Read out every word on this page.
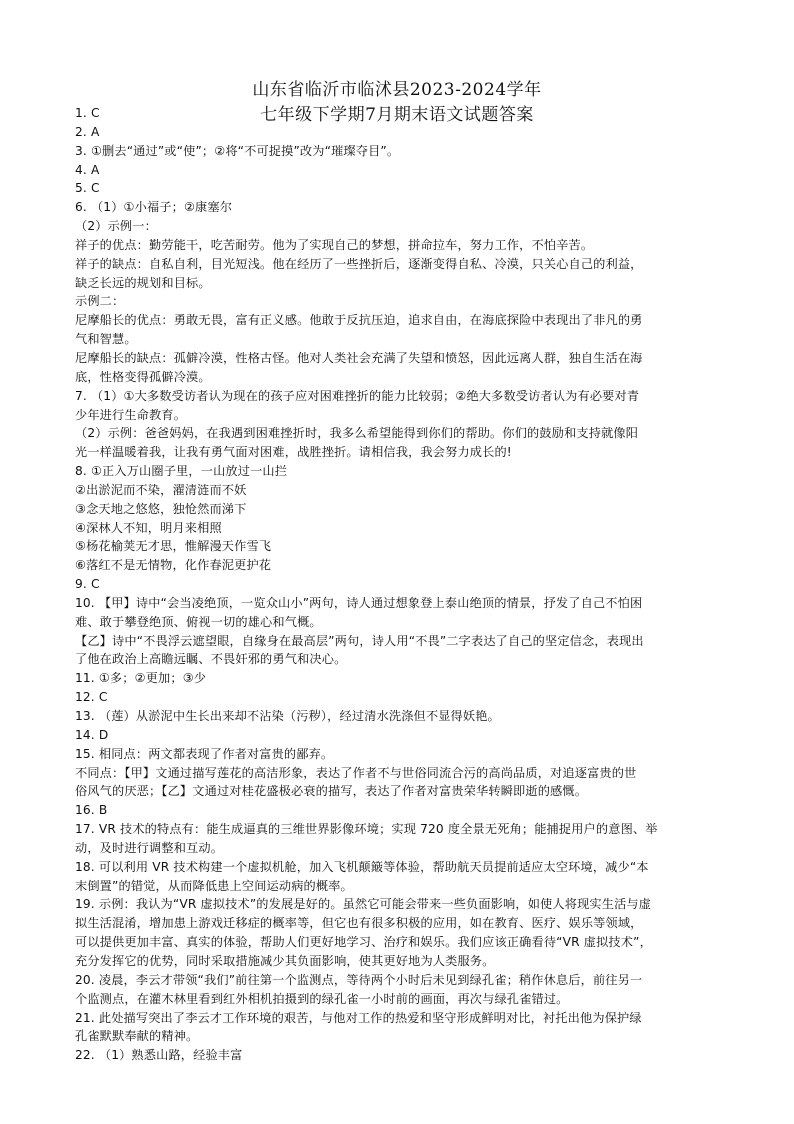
山东省临沂市临沭县2023-2024学年
七年级下学期7月期末语文试题答案
1. C
2. A
3. ①删去“通过”或“使”；②将“不可捉摸”改为“璀璨夺目”。
4. A
5. C
6. （1）①小福子；②康塞尔
（2）示例一：
祥子的优点：勤劳能干，吃苦耐劳。他为了实现自己的梦想，拼命拉车，努力工作，不怕辛苦。
祥子的缺点：自私自利，目光短浅。他在经历了一些挫折后，逐渐变得自私、冷漠，只关心自己的利益，
缺乏长远的规划和目标。
示例二：
尼摩船长的优点：勇敢无畏，富有正义感。他敢于反抗压迫，追求自由，在海底探险中表现出了非凡的勇
气和智慧。
尼摩船长的缺点：孤僻冷漠，性格古怪。他对人类社会充满了失望和愤怒，因此远离人群，独自生活在海
底，性格变得孤僻冷漠。
7. （1）①大多数受访者认为现在的孩子应对困难挫折的能力比较弱；②绝大多数受访者认为有必要对青
少年进行生命教育。
（2）示例：爸爸妈妈，在我遇到困难挫折时，我多么希望能得到你们的帮助。你们的鼓励和支持就像阳
光一样温暖着我，让我有勇气面对困难，战胜挫折。请相信我，我会努力成长的!
8. ①正入万山圈子里，一山放过一山拦
②出淤泥而不染，濯清涟而不妖
③念天地之悠悠，独怆然而涕下
④深林人不知，明月来相照
⑤杨花榆荚无才思，惟解漫天作雪飞
⑥落红不是无情物，化作春泥更护花
9. C
10. 【甲】诗中“会当凌绝顶，一览众山小”两句，诗人通过想象登上泰山绝顶的情景，抒发了自己不怕困
难、敢于攀登绝顶、俯视一切的雄心和气概。
【乙】诗中“不畏浮云遮望眼，自缘身在最高层”两句，诗人用“不畏”二字表达了自己的坚定信念，表现出
了他在政治上高瞻远瞩、不畏奸邪的勇气和决心。
11. ①多；②更加；③少
12. C
13. （莲）从淤泥中生长出来却不沾染（污秽），经过清水洗涤但不显得妖艳。
14. D
15. 相同点：两文都表现了作者对富贵的鄙弃。
不同点：【甲】文通过描写莲花的高洁形象，表达了作者不与世俗同流合污的高尚品质，对追逐富贵的世
俗风气的厌恶；【乙】文通过对桂花盛极必衰的描写，表达了作者对富贵荣华转瞬即逝的感慨。
16. B
17. VR 技术的特点有：能生成逼真的三维世界影像环境；实现 720 度全景无死角；能捕捉用户的意图、举
动，及时进行调整和互动。
18. 可以利用 VR 技术构建一个虚拟机舱，加入飞机颠簸等体验，帮助航天员提前适应太空环境，减少“本
末倒置”的错觉，从而降低患上空间运动病的概率。
19. 示例：我认为“VR 虚拟技术”的发展是好的。虽然它可能会带来一些负面影响，如使人将现实生活与虚
拟生活混淆，增加患上游戏迁移症的概率等，但它也有很多积极的应用，如在教育、医疗、娱乐等领域，
可以提供更加丰富、真实的体验，帮助人们更好地学习、治疗和娱乐。我们应该正确看待“VR 虚拟技术”，
充分发挥它的优势，同时采取措施减少其负面影响，使其更好地为人类服务。
20. 凌晨，李云才带领“我们”前往第一个监测点，等待两个小时后未见到绿孔雀；稍作休息后，前往另一
个监测点，在灌木林里看到红外相机拍摄到的绿孔雀一小时前的画面，再次与绿孔雀错过。
21. 此处描写突出了李云才工作环境的艰苦，与他对工作的热爱和坚守形成鲜明对比，衬托出他为保护绿
孔雀默默奉献的精神。
22. （1）熟悉山路，经验丰富
